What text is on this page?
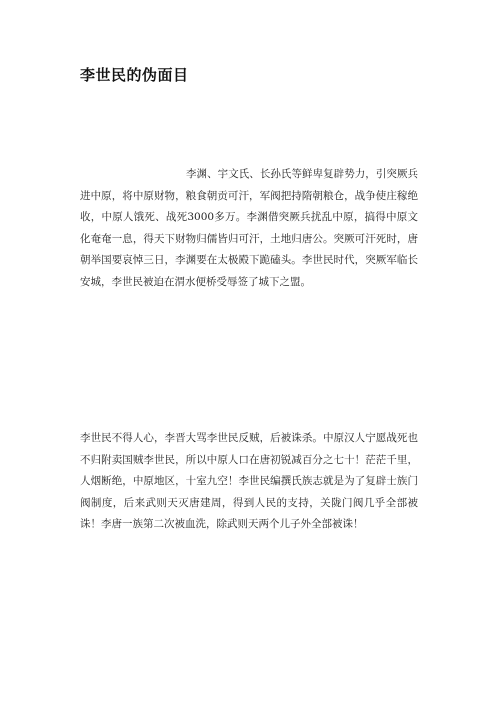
李世民的伪面目

李渊、宇文氏、长孙氏等鲜卑复辟势力，引突厥兵进中原，将中原财物，粮食朝贡可汗，军阀把持隋朝粮仓，战争使庄稼绝收，中原人饿死、战死3000多万。李渊借突厥兵扰乱中原，搞得中原文化奄奄一息，得天下财物归儒皆归可汗，土地归唐公。突厥可汗死时，唐朝举国要哀悼三日，李渊要在太极殿下跪磕头。李世民时代，突厥军临长安城，李世民被迫在渭水便桥受辱签了城下之盟。

李世民不得人心，李晋大骂李世民反贼，后被诛杀。中原汉人宁愿战死也不归附卖国贼李世民，所以中原人口在唐初锐减百分之七十！茫茫千里，人烟断绝，中原地区，十室九空！李世民编撰氏族志就是为了复辟士族门阀制度，后来武则天灭唐建周，得到人民的支持，关陇门阀几乎全部被诛！李唐一族第二次被血洗，除武则天两个儿子外全部被诛！
